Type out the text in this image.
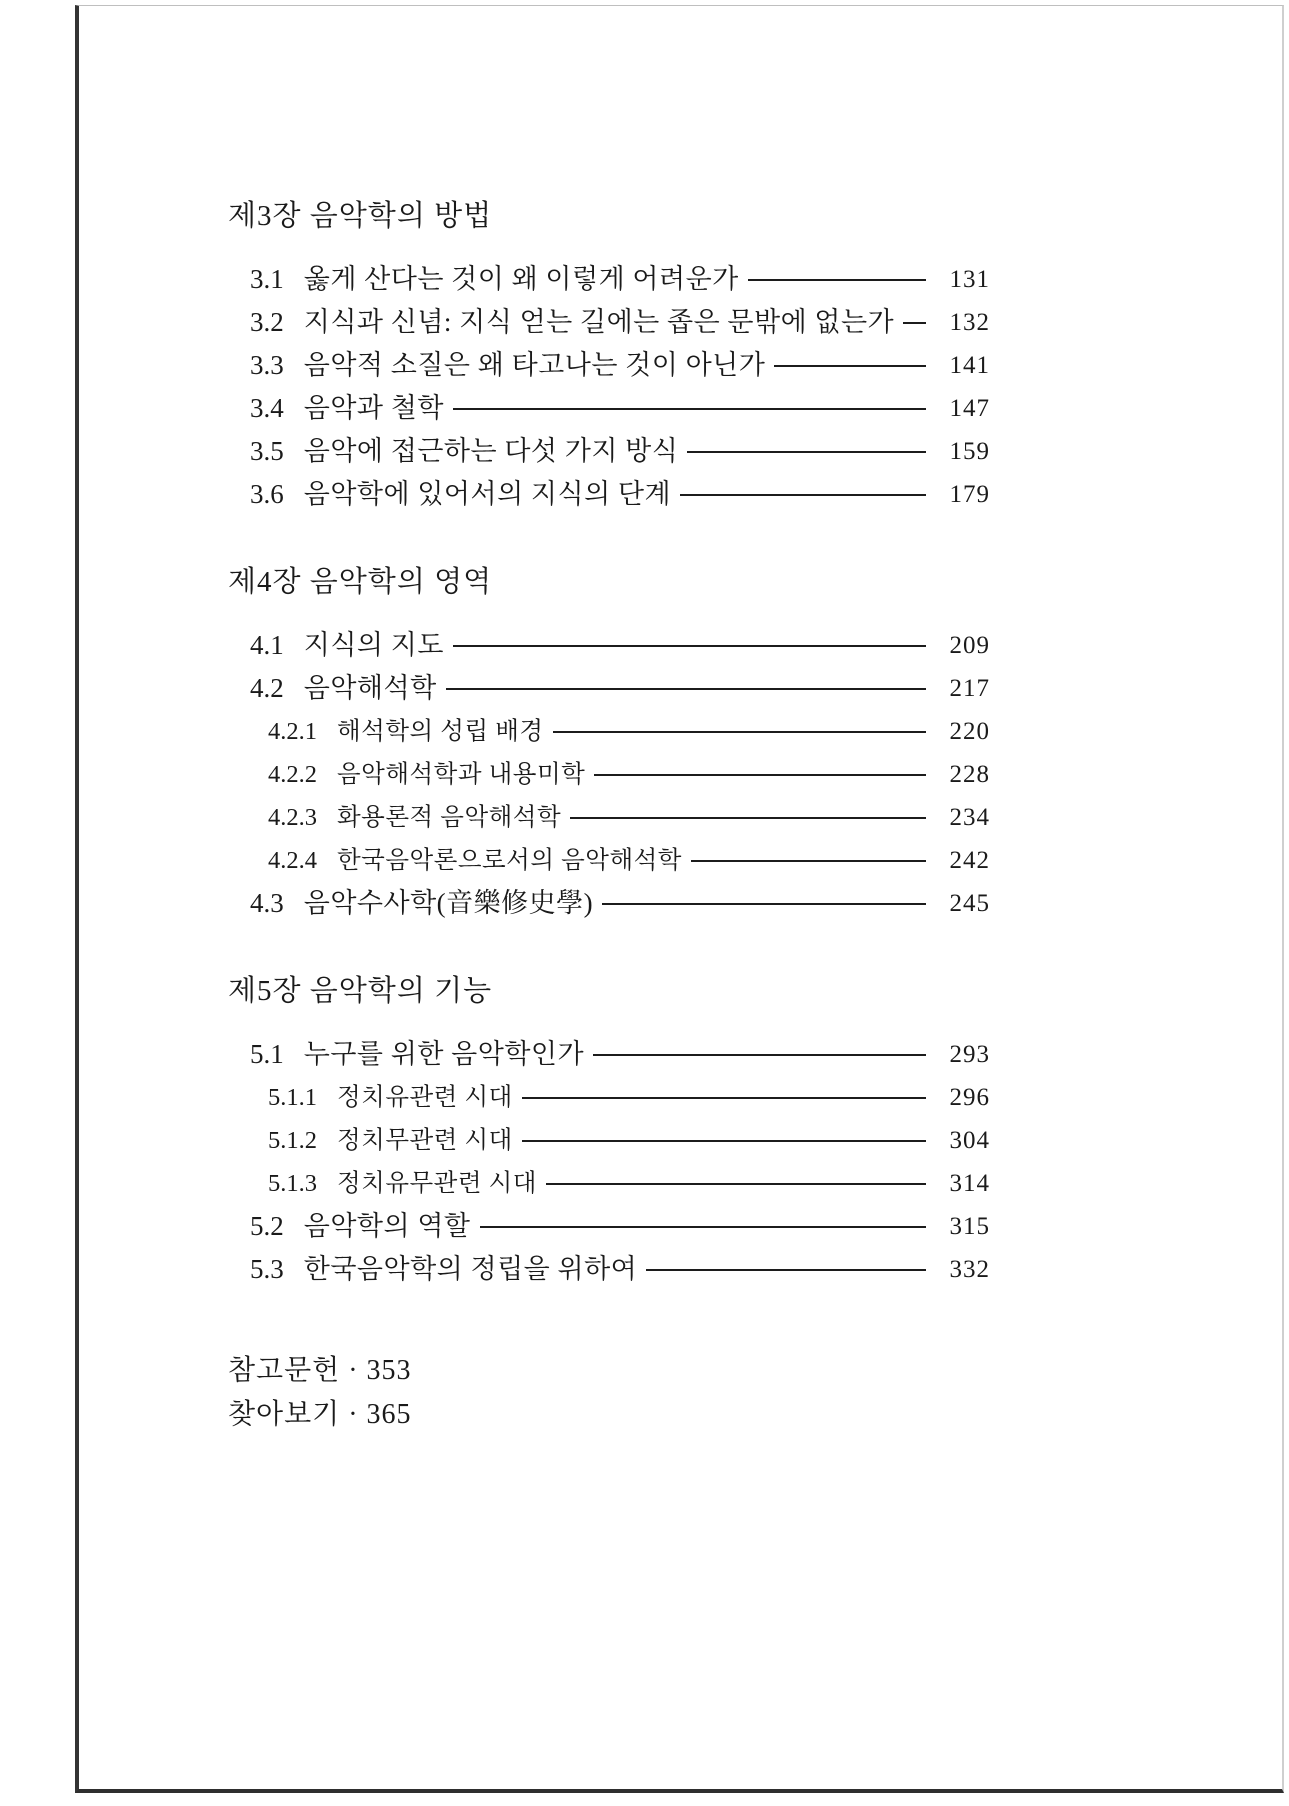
제3장 음악학의 방법
3.1 옳게 산다는 것이 왜 이렇게 어려운가	131
3.2 지식과 신념: 지식 얻는 길에는 좁은 문밖에 없는가	132
3.3 음악적 소질은 왜 타고나는 것이 아닌가	141
3.4 음악과 철학	147
3.5 음악에 접근하는 다섯 가지 방식	159
3.6 음악학에 있어서의 지식의 단계	179
제4장 음악학의 영역
4.1 지식의 지도	209
4.2 음악해석학	217
4.2.1 해석학의 성립 배경	220
4.2.2 음악해석학과 내용미학	228
4.2.3 화용론적 음악해석학	234
4.2.4 한국음악론으로서의 음악해석학	242
4.3 음악수사학(音樂修史學)	245
제5장 음악학의 기능
5.1 누구를 위한 음악학인가	293
5.1.1 정치유관련 시대	296
5.1.2 정치무관련 시대	304
5.1.3 정치유무관련 시대	314
5.2 음악학의 역할	315
5.3 한국음악학의 정립을 위하여	332
참고문헌 · 353
찾아보기 · 365
